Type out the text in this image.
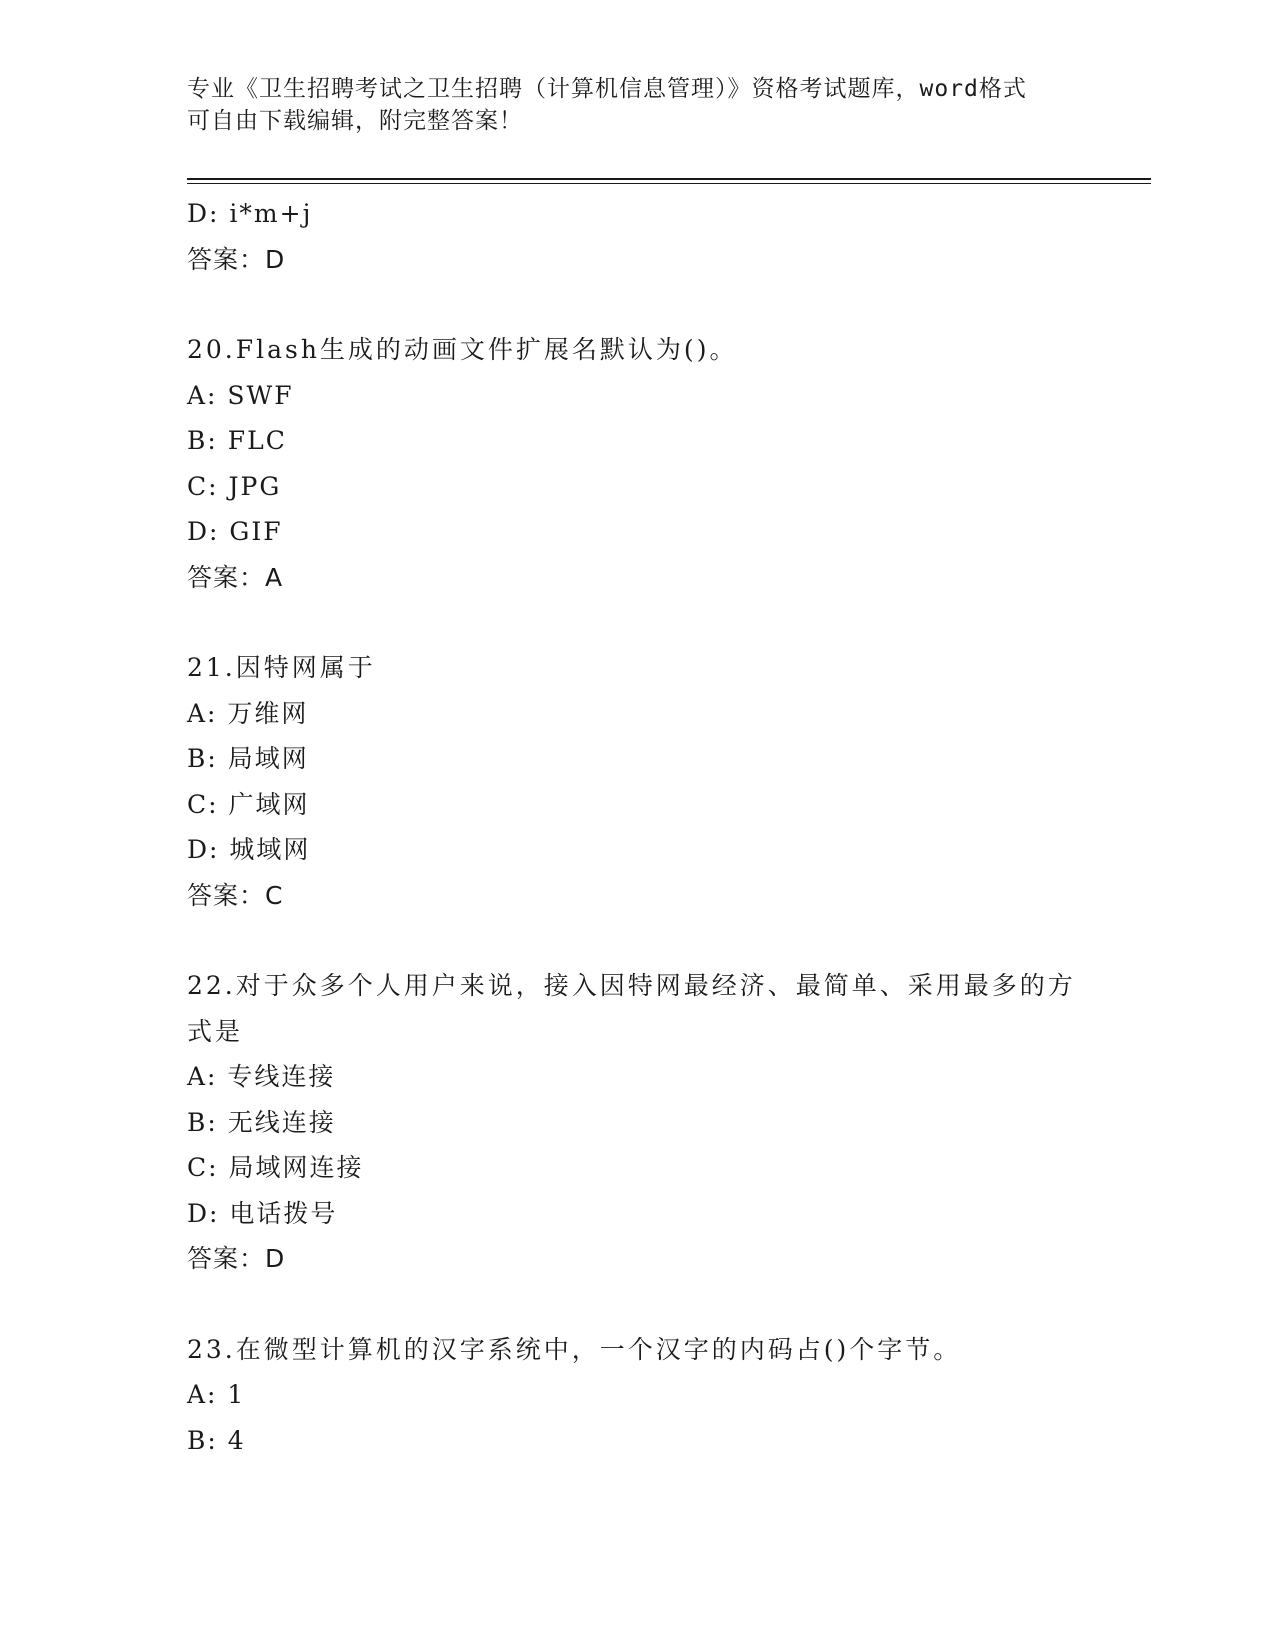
专业《卫生招聘考试之卫生招聘（计算机信息管理）》资格考试题库，word格式
可自由下载编辑，附完整答案！
D: i*m+j
答案：D
20.Flash生成的动画文件扩展名默认为()。
A: SWF
B: FLC
C: JPG
D: GIF
答案：A
21.因特网属于
A: 万维网
B: 局域网
C: 广域网
D: 城域网
答案：C
22.对于众多个人用户来说，接入因特网最经济、最简单、采用最多的方式是
A: 专线连接
B: 无线连接
C: 局域网连接
D: 电话拨号
答案：D
23.在微型计算机的汉字系统中，一个汉字的内码占()个字节。
A: 1
B: 4
